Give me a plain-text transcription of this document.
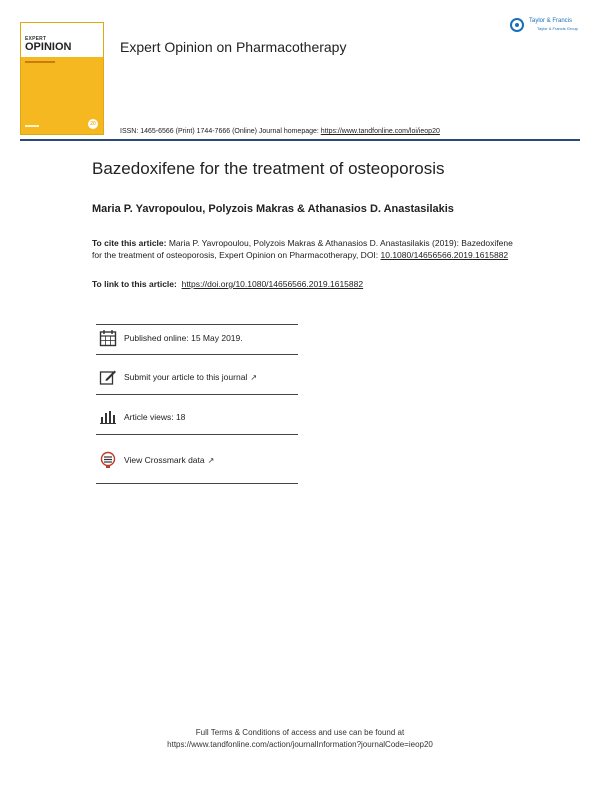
EXPERT
OPINION
20
Expert Opinion on Pharmacotherapy
Taylor & Francis
Taylor & Francis Group
ISSN: 1465-6566 (Print) 1744-7666 (Online) Journal homepage: https://www.tandfonline.com/loi/ieop20
Bazedoxifene for the treatment of osteoporosis
Maria P. Yavropoulou, Polyzois Makras & Athanasios D. Anastasilakis
To cite this article: Maria P. Yavropoulou, Polyzois Makras & Athanasios D. Anastasilakis (2019): Bazedoxifene for the treatment of osteoporosis, Expert Opinion on Pharmacotherapy, DOI: 10.1080/14656566.2019.1615882
To link to this article: https://doi.org/10.1080/14656566.2019.1615882
Published online: 15 May 2019.
Submit your article to this journal ↗
Article views: 18
View Crossmark data ↗
Full Terms & Conditions of access and use can be found at
https://www.tandfonline.com/action/journalInformation?journalCode=ieop20
